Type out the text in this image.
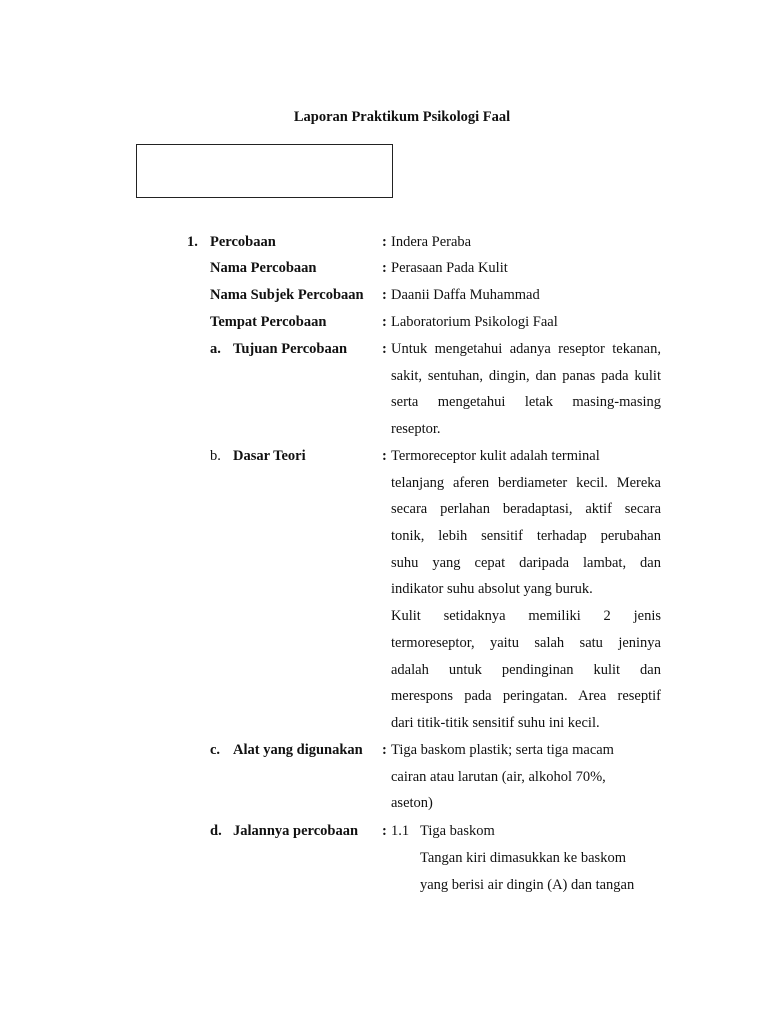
Laporan Praktikum Psikologi Faal
1. Percobaan	: Indera Peraba
Nama Percobaan	: Perasaan Pada Kulit
Nama Subjek Percobaan : Daanii Daffa Muhammad
Tempat Percobaan	: Laboratorium Psikologi Faal
a. Tujuan Percobaan : Untuk mengetahui adanya reseptor tekanan,
sakit, sentuhan, dingin, dan panas pada kulit
serta mengetahui letak masing-masing
reseptor.
b. Dasar Teori	: Termoreceptor kulit adalah terminal
telanjang aferen berdiameter kecil. Mereka
secara perlahan beradaptasi, aktif secara
tonik, lebih sensitif terhadap perubahan
suhu yang cepat daripada lambat, dan
indikator suhu absolut yang buruk.
Kulit setidaknya memiliki 2 jenis
termoreseptor, yaitu salah satu jeninya
adalah untuk pendinginan kulit dan
merespons pada peringatan. Area reseptif
dari titik-titik sensitif suhu ini kecil.
c. Alat yang digunakan : Tiga baskom plastik; serta tiga macam
cairan atau larutan (air, alkohol 70%,
aseton)
d. Jalannya percobaan : 1.1 Tiga baskom
Tangan kiri dimasukkan ke baskom
yang berisi air dingin (A) dan tangan
